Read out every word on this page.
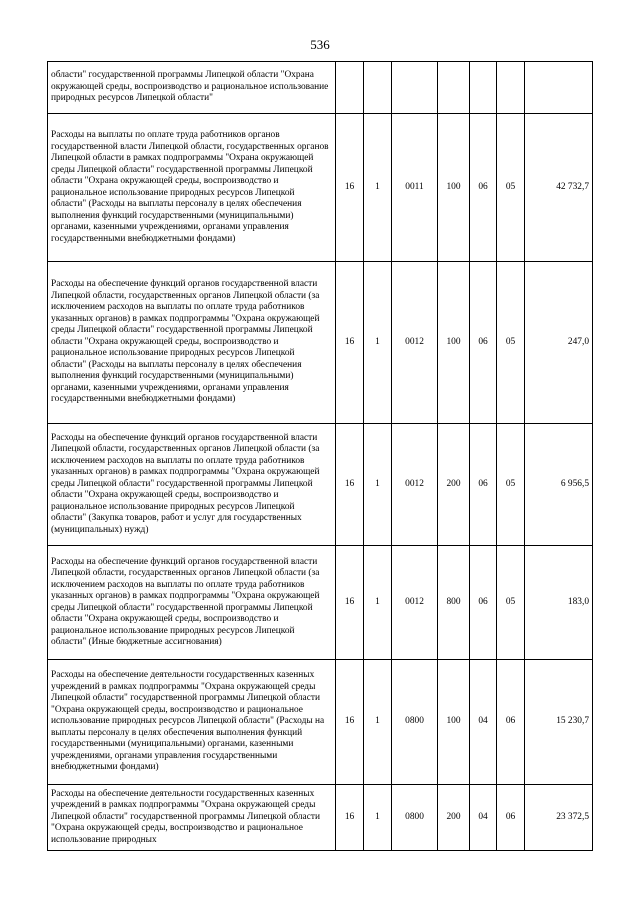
536
области" государственной программы Липецкой области "Охрана окружающей среды, воспроизводство и рациональное использование природных ресурсов Липецкой области"							
Расходы на выплаты по оплате труда работников органов государственной власти Липецкой области, государственных органов Липецкой области в рамках подпрограммы "Охрана окружающей среды Липецкой области" государственной программы Липецкой области "Охрана окружающей среды, воспроизводство и рациональное использование природных ресурсов Липецкой области" (Расходы на выплаты персоналу в целях обеспечения выполнения функций государственными (муниципальными) органами, казенными учреждениями, органами управления государственными внебюджетными фондами)	16	1	0011	100	06	05	42 732,7
Расходы на обеспечение функций органов государственной власти Липецкой области, государственных органов Липецкой области (за исключением расходов на выплаты по оплате труда работников указанных органов) в рамках подпрограммы "Охрана окружающей среды Липецкой области" государственной программы Липецкой области "Охрана окружающей среды, воспроизводство и рациональное использование природных ресурсов Липецкой области" (Расходы на выплаты персоналу в целях обеспечения выполнения функций государственными (муниципальными) органами, казенными учреждениями, органами управления государственными внебюджетными фондами)	16	1	0012	100	06	05	247,0
Расходы на обеспечение функций органов государственной власти Липецкой области, государственных органов Липецкой области (за исключением расходов на выплаты по оплате труда работников указанных органов) в рамках подпрограммы "Охрана окружающей среды Липецкой области" государственной программы Липецкой области "Охрана окружающей среды, воспроизводство и рациональное использование природных ресурсов Липецкой области" (Закупка товаров, работ и услуг для государственных (муниципальных) нужд)	16	1	0012	200	06	05	6 956,5
Расходы на обеспечение функций органов государственной власти Липецкой области, государственных органов Липецкой области (за исключением расходов на выплаты по оплате труда работников указанных органов) в рамках подпрограммы "Охрана окружающей среды Липецкой области" государственной программы Липецкой области "Охрана окружающей среды, воспроизводство и рациональное использование природных ресурсов Липецкой области" (Иные бюджетные ассигнования)	16	1	0012	800	06	05	183,0
Расходы на обеспечение деятельности государственных казенных учреждений в рамках подпрограммы "Охрана окружающей среды Липецкой области" государственной программы Липецкой области "Охрана окружающей среды, воспроизводство и рациональное использование природных ресурсов Липецкой области" (Расходы на выплаты персоналу в целях обеспечения выполнения функций государственными (муниципальными) органами, казенными учреждениями, органами управления государственными внебюджетными фондами)	16	1	0800	100	04	06	15 230,7
Расходы на обеспечение деятельности государственных казенных учреждений в рамках подпрограммы "Охрана окружающей среды Липецкой области" государственной программы Липецкой области "Охрана окружающей среды, воспроизводство и рациональное использование природных	16	1	0800	200	04	06	23 372,5
